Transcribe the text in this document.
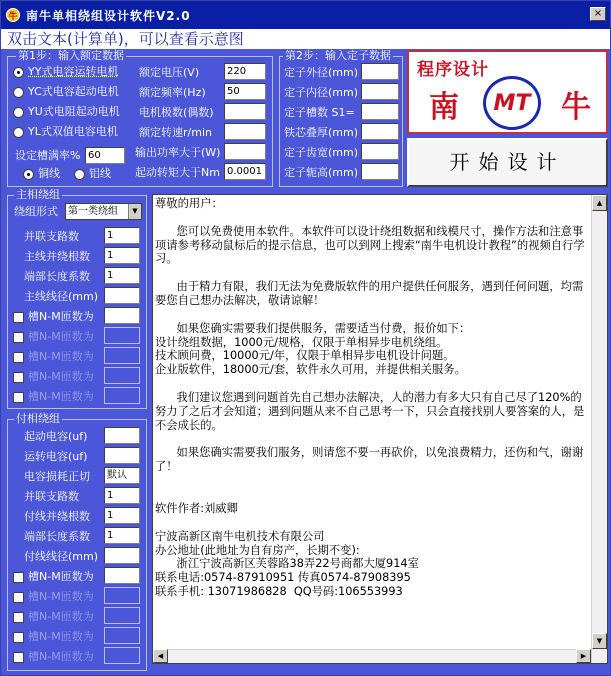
牛 南牛单相绕组设计软件V2.0	×
双击文本(计算单)，可以查看示意图
第1步：输入额定数据
YY式电容运转电机
YC式电容起动电机
YU式电阻起动电机
YL式双值电容电机
设定槽满率% 60
铜线	铝线
额定电压(V)	220
额定频率(Hz)	50
电机极数(偶数)
额定转速r/min
输出功率大于(W)
起动转矩大于Nm 0.0001
第2步：输入定子数据
定子外径(mm)
定子内径(mm)
定子槽数 S1=
铁芯叠厚(mm)
定子齿宽(mm)
定子轭高(mm)
程序设计
南	MT	牛
开始设计
主相绕组
绕组形式	第一类绕组	▼
并联支路数	1
主线并绕根数	1
端部长度系数	1
主线线径(mm)
槽N-M匝数为
槽N-M匝数为
槽N-M匝数为
槽N-M匝数为
槽N-M匝数为
付相绕组
起动电容(uf)
运转电容(uf)
电容损耗正切	默认
并联支路数	1
付线并绕根数	1
端部长度系数	1
付线线径(mm)
槽N-M匝数为
槽N-M匝数为
槽N-M匝数为
槽N-M匝数为
槽N-M匝数为

尊敬的用户：

您可以免费使用本软件。本软件可以设计绕组数据和线模尺寸，操作方法和注意事项请参考移动鼠标后的提示信息，也可以到网上搜索“南牛电机设计教程”的视频自行学习。

由于精力有限，我们无法为免费版软件的用户提供任何服务，遇到任何问题，均需要您自己想办法解决，敬请谅解！

如果您确实需要我们提供服务，需要适当付费，报价如下：

设计绕组数据，1000元/规格，仅限于单相异步电机绕组。

技术顾问费，10000元/年，仅限于单相异步电机设计问题。

企业版软件，18000元/套，软件永久可用，并提供相关服务。

我们建议您遇到问题首先自己想办法解决，人的潜力有多大只有自己尽了120%的努力了之后才会知道；遇到问题从来不自己思考一下，只会直接找别人要答案的人，是不会成长的。

如果您确实需要我们服务，则请您不要一再砍价，以免浪费精力，还伤和气，谢谢了！

软件作者:刘威卿

宁波高新区南牛电机技术有限公司

办公地址(此地址为自有房产，长期不变):

浙江宁波高新区芙蓉路38弄22号商都大厦914室

联系电话:0574-87910951 传真0574-87908395

联系手机: 13071986828  QQ号码:106553993

▲
▼
◀	▶
